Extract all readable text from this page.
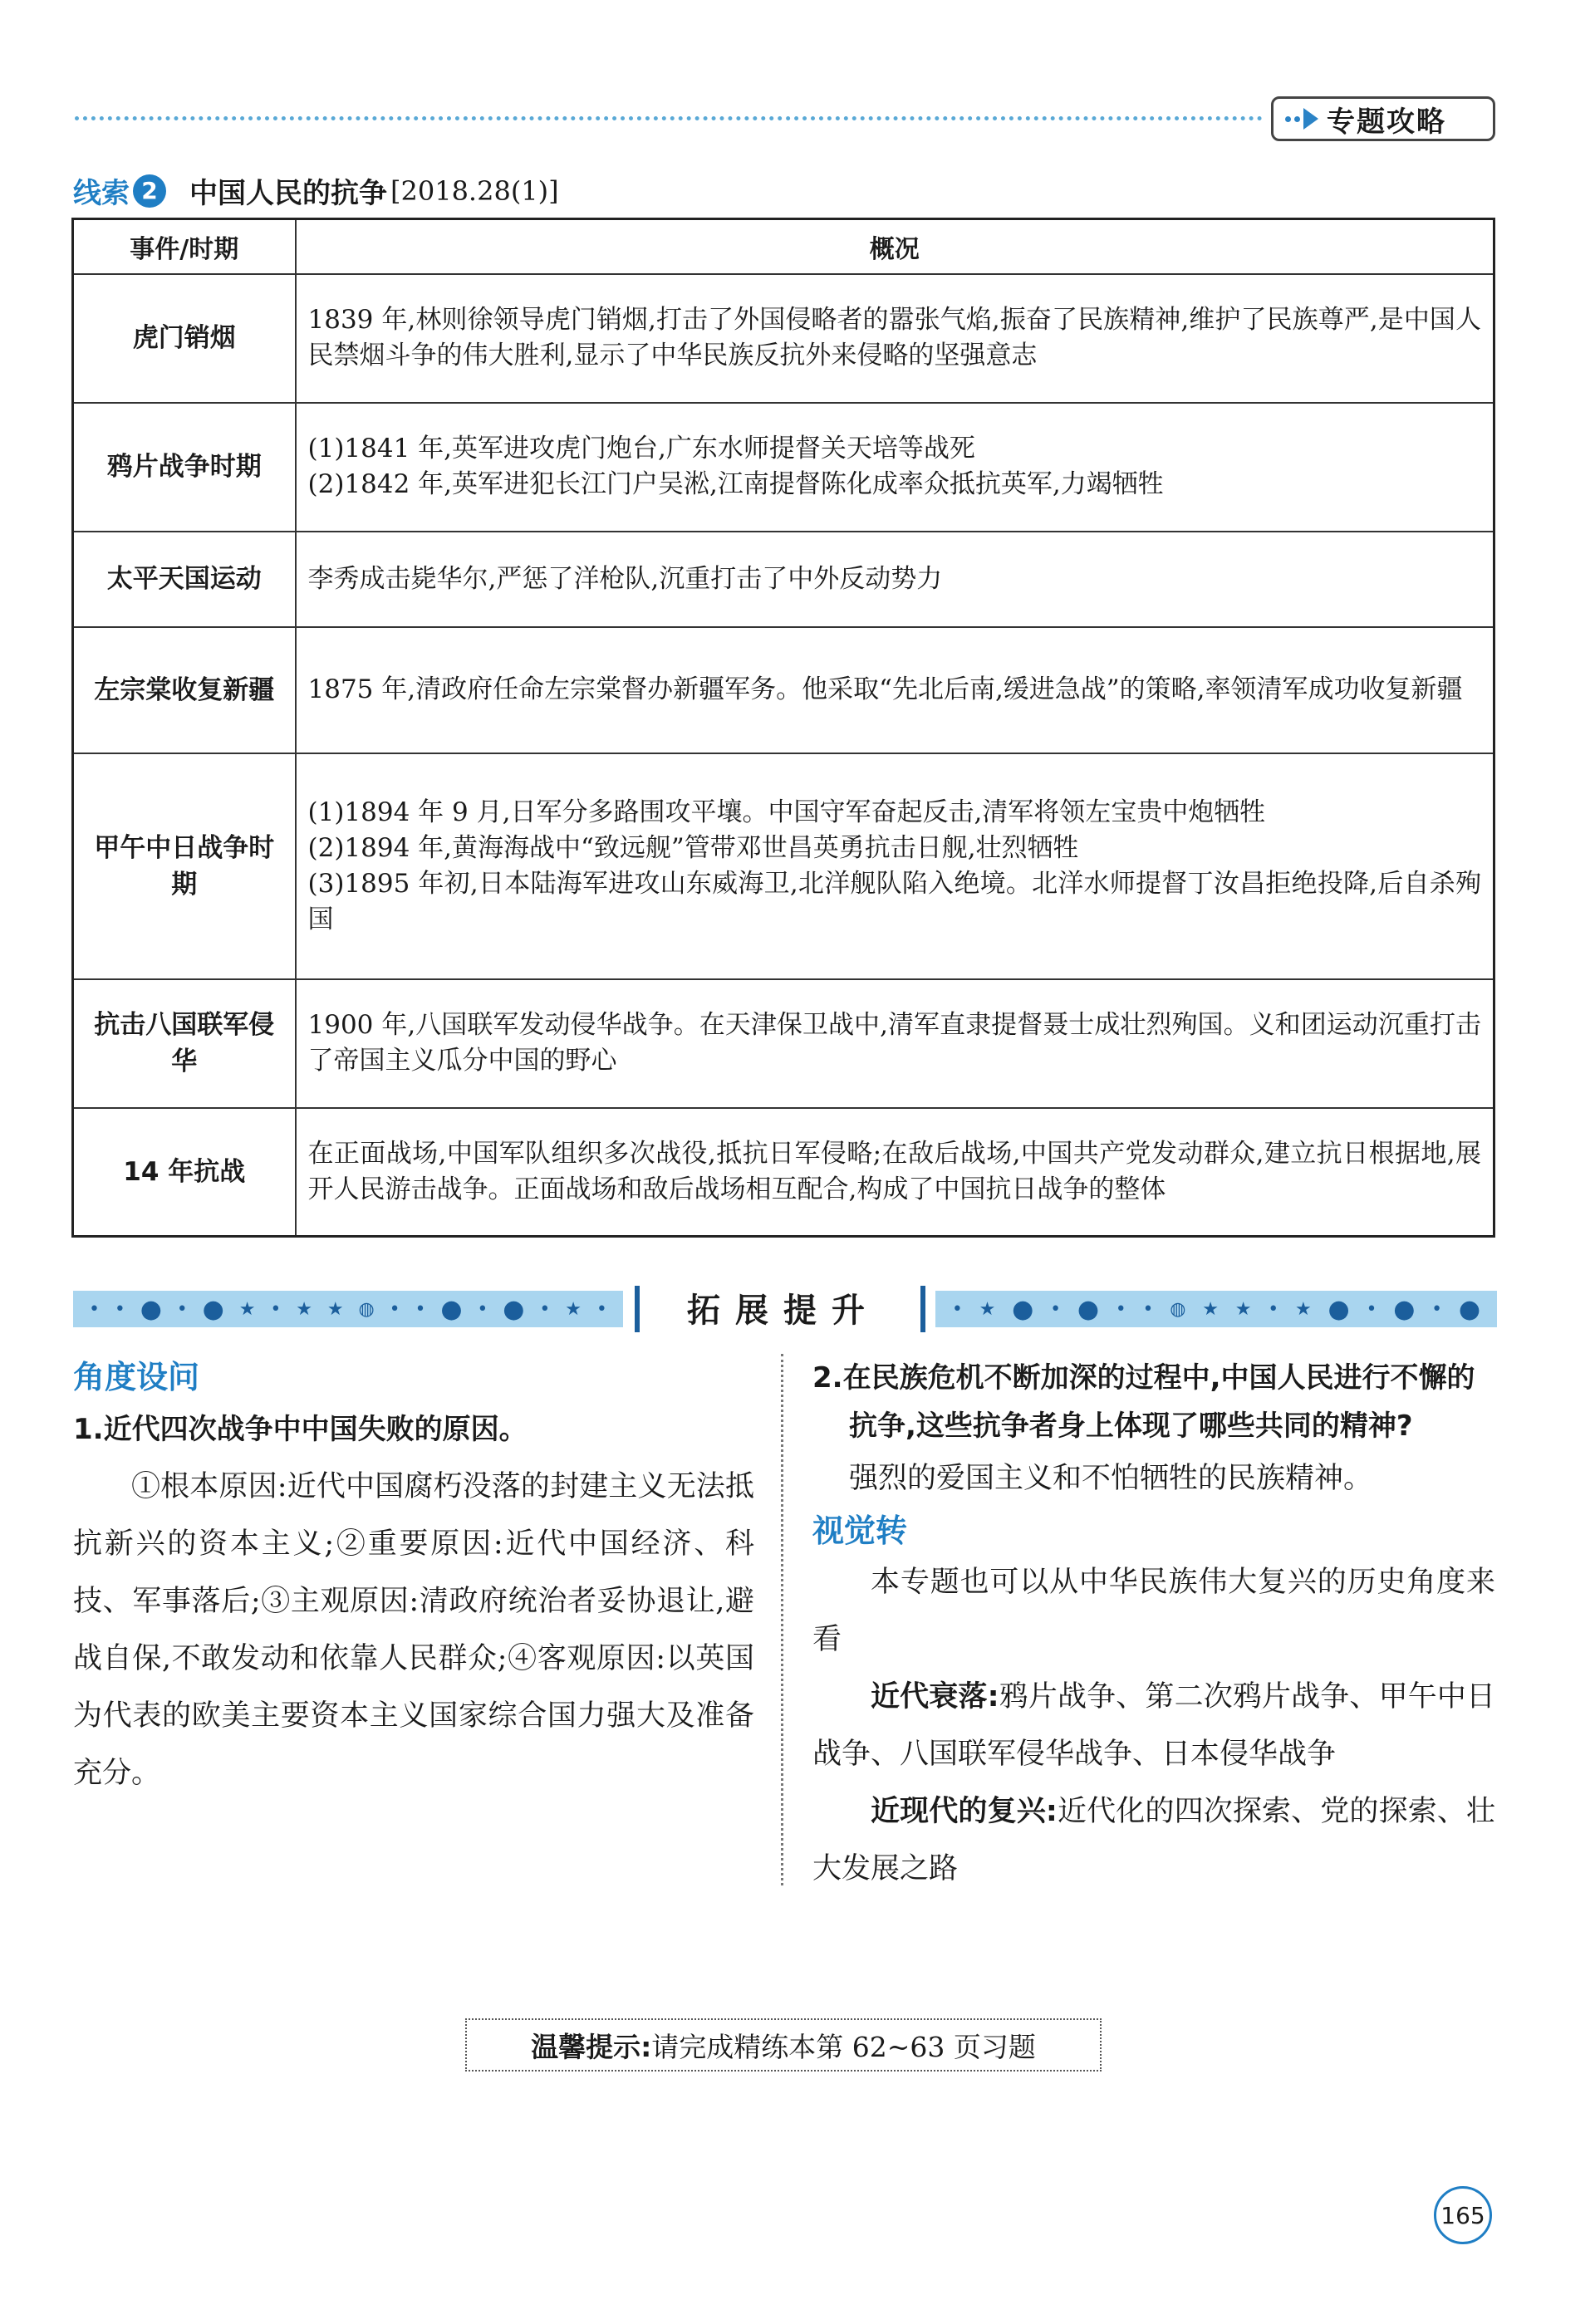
专题攻略
线索 2	中国人民的抗争 [2018.28(1)]
事件/时期	概况
虎门销烟	1839 年,林则徐领导虎门销烟,打击了外国侵略者的嚣张气焰,振奋了民族精神,维护了民族尊严,是中国人民禁烟斗争的伟大胜利,显示了中华民族反抗外来侵略的坚强意志

鸦片战争时期	(1)1841 年,英军进攻虎门炮台,广东水师提督关天培等战死
(2)1842 年,英军进犯长江门户吴淞,江南提督陈化成率众抵抗英军,力竭牺牲

太平天国运动	李秀成击毙华尔,严惩了洋枪队,沉重打击了中外反动势力

左宗棠收复新疆	1875 年,清政府任命左宗棠督办新疆军务。他采取“先北后南,缓进急战”的策略,率领清军成功收复新疆

甲午中日战争时期	(1)1894 年 9 月,日军分多路围攻平壤。中国守军奋起反击,清军将领左宝贵中炮牺牲
(2)1894 年,黄海海战中“致远舰”管带邓世昌英勇抗击日舰,壮烈牺牲
(3)1895 年初,日本陆海军进攻山东威海卫,北洋舰队陷入绝境。北洋水师提督丁汝昌拒绝投降,后自杀殉国

抗击八国联军侵华	1900 年,八国联军发动侵华战争。在天津保卫战中,清军直隶提督聂士成壮烈殉国。义和团运动沉重打击了帝国主义瓜分中国的野心

14 年抗战	在正面战场,中国军队组织多次战役,抵抗日军侵略;在敌后战场,中国共产党发动群众,建立抗日根据地,展开人民游击战争。正面战场和敌后战场相互配合,构成了中国抗日战争的整体
• • ● • ● ★ • ★ ★ ◍ • • ● • ● • ★ •	拓展提升	• ★ ● • ● • • ◍ ★ ★ • ★ ● • ● • ●
角度设问
1.近代四次战争中中国失败的原因。
①根本原因:近代中国腐朽没落的封建主义无法抵抗新兴的资本主义;②重要原因:近代中国经济、科技、军事落后;③主观原因:清政府统治者妥协退让,避战自保,不敢发动和依靠人民群众;④客观原因:以英国为代表的欧美主要资本主义国家综合国力强大及准备充分。
2.在民族危机不断加深的过程中,中国人民进行不懈的抗争,这些抗争者身上体现了哪些共同的精神?
强烈的爱国主义和不怕牺牲的民族精神。
视觉转
本专题也可以从中华民族伟大复兴的历史角度来看
近代衰落:鸦片战争、第二次鸦片战争、甲午中日战争、八国联军侵华战争、日本侵华战争
近现代的复兴:近代化的四次探索、党的探索、壮大发展之路
温馨提示: 请完成精练本第 62~63 页习题
165
